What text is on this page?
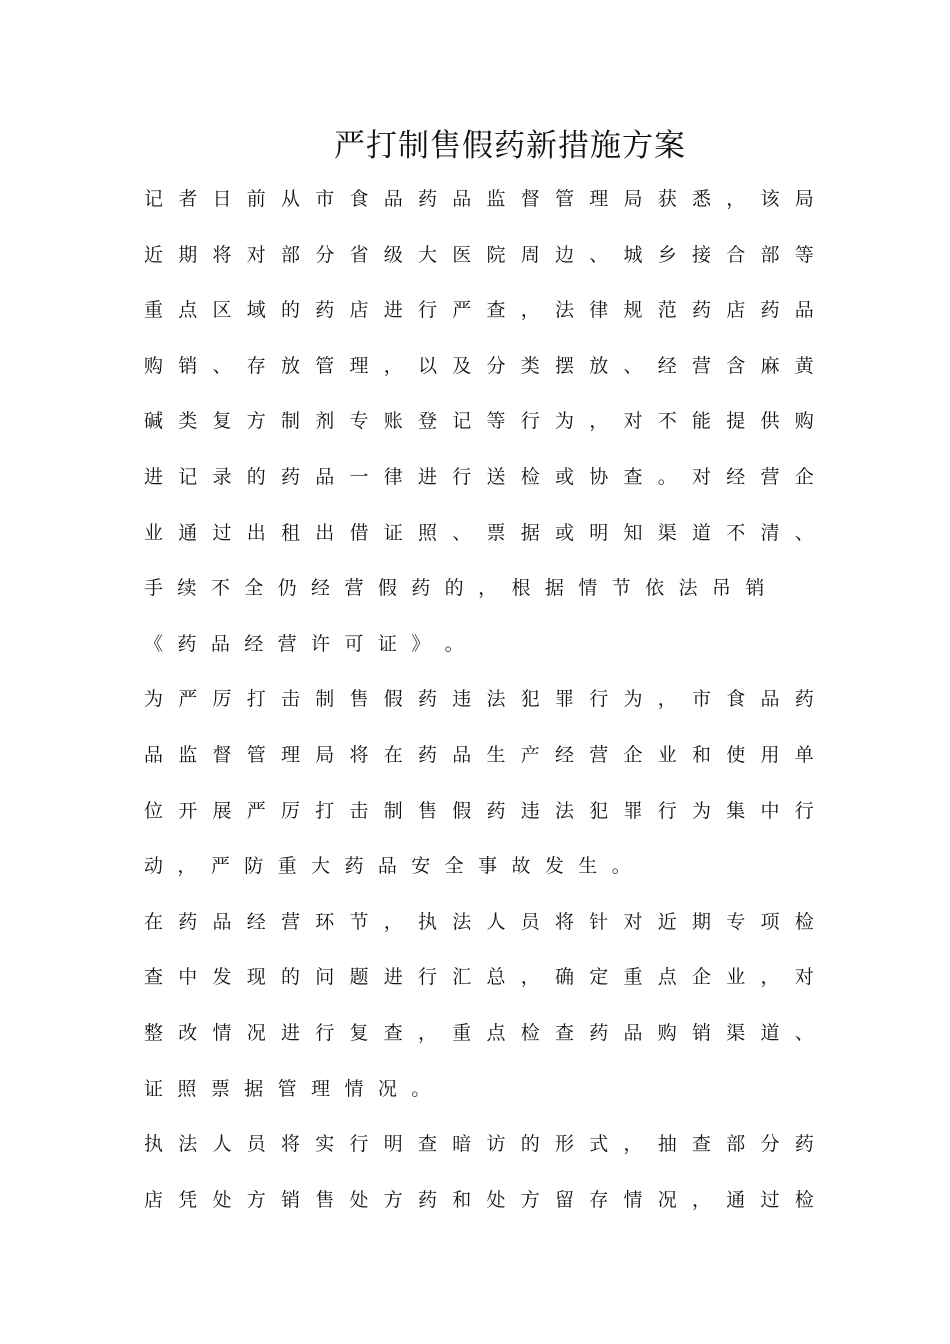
严打制售假药新措施方案
记 者 日 前 从 市 食 品 药 品 监 督 管 理 局 获 悉 ， 该 局
近 期 将 对 部 分 省 级 大 医 院 周 边 、 城 乡 接 合 部 等
重 点 区 域 的 药 店 进 行 严 查 ， 法 律 规 范 药 店 药 品
购 销 、 存 放 管 理 ， 以 及 分 类 摆 放 、 经 营 含 麻 黄
碱 类 复 方 制 剂 专 账 登 记 等 行 为 ， 对 不 能 提 供 购
进 记 录 的 药 品 一 律 进 行 送 检 或 协 查 。 对 经 营 企
业 通 过 出 租 出 借 证 照 、 票 据 或 明 知 渠 道 不 清 、
手 续 不 全 仍 经 营 假 药 的 ， 根 据 情 节 依 法 吊 销
《 药 品 经 营 许 可 证 》 。
为 严 厉 打 击 制 售 假 药 违 法 犯 罪 行 为 ， 市 食 品 药
品 监 督 管 理 局 将 在 药 品 生 产 经 营 企 业 和 使 用 单
位 开 展 严 厉 打 击 制 售 假 药 违 法 犯 罪 行 为 集 中 行
动 ， 严 防 重 大 药 品 安 全 事 故 发 生 。
在 药 品 经 营 环 节 ， 执 法 人 员 将 针 对 近 期 专 项 检
查 中 发 现 的 问 题 进 行 汇 总 ， 确 定 重 点 企 业 ， 对
整 改 情 况 进 行 复 查 ， 重 点 检 查 药 品 购 销 渠 道 、
证 照 票 据 管 理 情 况 。
执 法 人 员 将 实 行 明 查 暗 访 的 形 式 ， 抽 查 部 分 药
店 凭 处 方 销 售 处 方 药 和 处 方 留 存 情 况 ， 通 过 检
